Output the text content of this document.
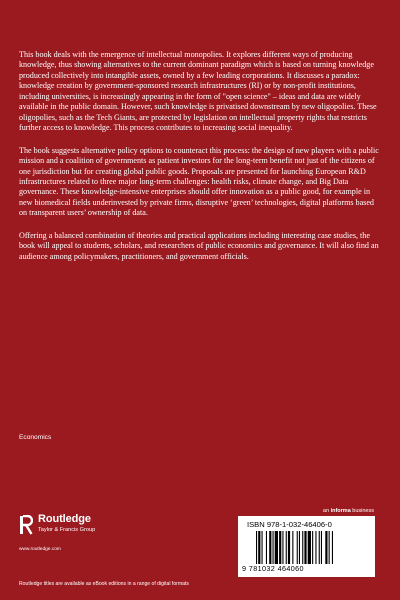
This book deals with the emergence of intellectual monopolies. It explores different ways of producing knowledge, thus showing alternatives to the current dominant paradigm which is based on turning knowledge produced collectively into intangible assets, owned by a few leading corporations. It discusses a paradox: knowledge creation by government-sponsored research infrastructures (RI) or by non-profit institutions, including universities, is increasingly appearing in the form of "open science" – ideas and data are widely available in the public domain. However, such knowledge is privatised downstream by new oligopolies. These oligopolies, such as the Tech Giants, are protected by legislation on intellectual property rights that restricts further access to knowledge. This process contributes to increasing social inequality.

The book suggests alternative policy options to counteract this process: the design of new players with a public mission and a coalition of governments as patient investors for the long-term benefit not just of the citizens of one jurisdiction but for creating global public goods. Proposals are presented for launching European R&D infrastructures related to three major long-term challenges: health risks, climate change, and Big Data governance. These knowledge-intensive enterprises should offer innovation as a public good, for example in new biomedical fields underinvested by private firms, disruptive ‘green’ technologies, digital platforms based on transparent users’ ownership of data.

Offering a balanced combination of theories and practical applications including interesting case studies, the book will appeal to students, scholars, and researchers of public economics and governance. It will also find an audience among policymakers, practitioners, and government officials.

Economics
an informa business
Routledge
Taylor & Francis Group
www.routledge.com
ISBN 978-1-032-46406-0
9 781032 464060
Routledge titles are available as eBook editions in a range of digital formats
